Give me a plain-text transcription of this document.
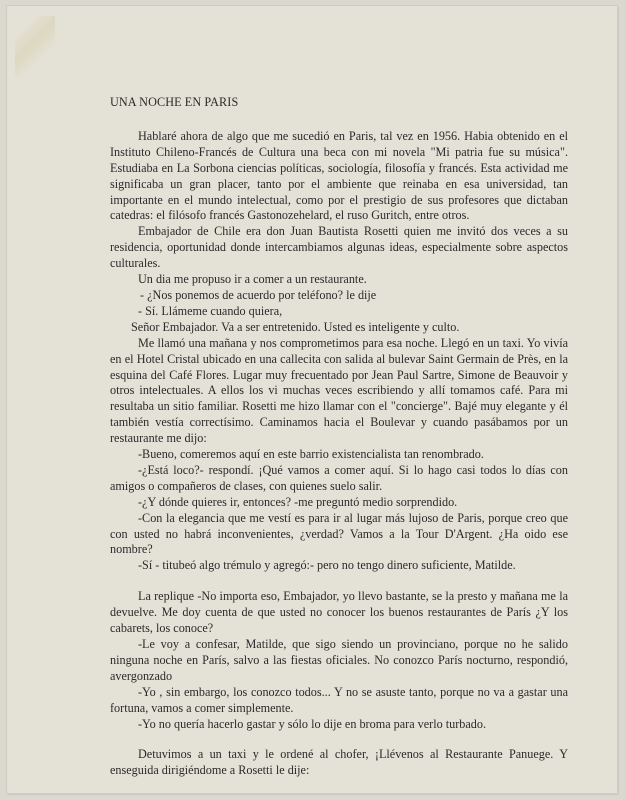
UNA NOCHE EN PARIS

Hablaré ahora de algo que me sucedió en Paris, tal vez en 1956. Habia obtenido en el Instituto Chileno-Francés de Cultura una beca con mi novela "Mi patria fue su música". Estudiaba en La Sorbona ciencias políticas, sociología, filosofía y francés. Esta actividad me significaba un gran placer, tanto por el ambiente que reinaba en esa universidad, tan importante en el mundo intelectual, como por el prestigio de sus profesores que dictaban catedras: el filósofo francés Gastonozehelard, el ruso Guritch, entre otros.

Embajador de Chile era don Juan Bautista Rosetti quien me invitó dos veces a su residencia, oportunidad donde intercambiamos algunas ideas, especialmente sobre aspectos culturales.

Un dia me propuso ir a comer a un restaurante.

- ¿Nos ponemos de acuerdo por teléfono? le dije

- Sí. Llámeme cuando quiera,

Señor Embajador. Va a ser entretenido. Usted es inteligente y culto.

Me llamó una mañana y nos comprometimos para esa noche. Llegó en un taxi. Yo vivía en el Hotel Cristal ubicado en una callecita con salida al bulevar Saint Germain de Près, en la esquina del Café Flores. Lugar muy frecuentado por Jean Paul Sartre, Simone de Beauvoir y otros intelectuales. A ellos los vi muchas veces escribiendo y allí tomamos café. Para mi resultaba un sitio familiar. Rosetti me hizo llamar con el "concierge". Bajé muy elegante y él también vestía correctísimo. Caminamos hacia el Boulevar y cuando pasábamos por un restaurante me dijo:

-Bueno, comeremos aquí en este barrio existencialista tan renombrado.

-¿Está loco?- respondí. ¡Qué vamos a comer aquí. Si lo hago casi todos lo días con amigos o compañeros de clases, con quienes suelo salir.

-¿Y dónde quieres ir, entonces? -me preguntó medio sorprendido.

-Con la elegancia que me vestí es para ir al lugar más lujoso de Paris, porque creo que con usted no habrá inconvenientes, ¿verdad? Vamos a la Tour D'Argent. ¿Ha oido ese nombre?

-Sí - titubeó algo trémulo y agregó:- pero no tengo dinero suficiente, Matilde.

La replique -No importa eso, Embajador, yo llevo bastante, se la presto y mañana me la devuelve. Me doy cuenta de que usted no conocer los buenos restaurantes de París ¿Y los cabarets, los conoce?

-Le voy a confesar, Matilde, que sigo siendo un provinciano, porque no he salido ninguna noche en París, salvo a las fiestas oficiales. No conozco París nocturno, respondió, avergonzado

-Yo , sin embargo, los conozco todos... Y no se asuste tanto, porque no va a gastar una fortuna, vamos a comer simplemente.

-Yo no quería hacerlo gastar y sólo lo dije en broma para verlo turbado.

Detuvimos a un taxi y le ordené al chofer, ¡Llévenos al Restaurante Panuege. Y enseguida dirigiéndome a Rosetti le dije:
